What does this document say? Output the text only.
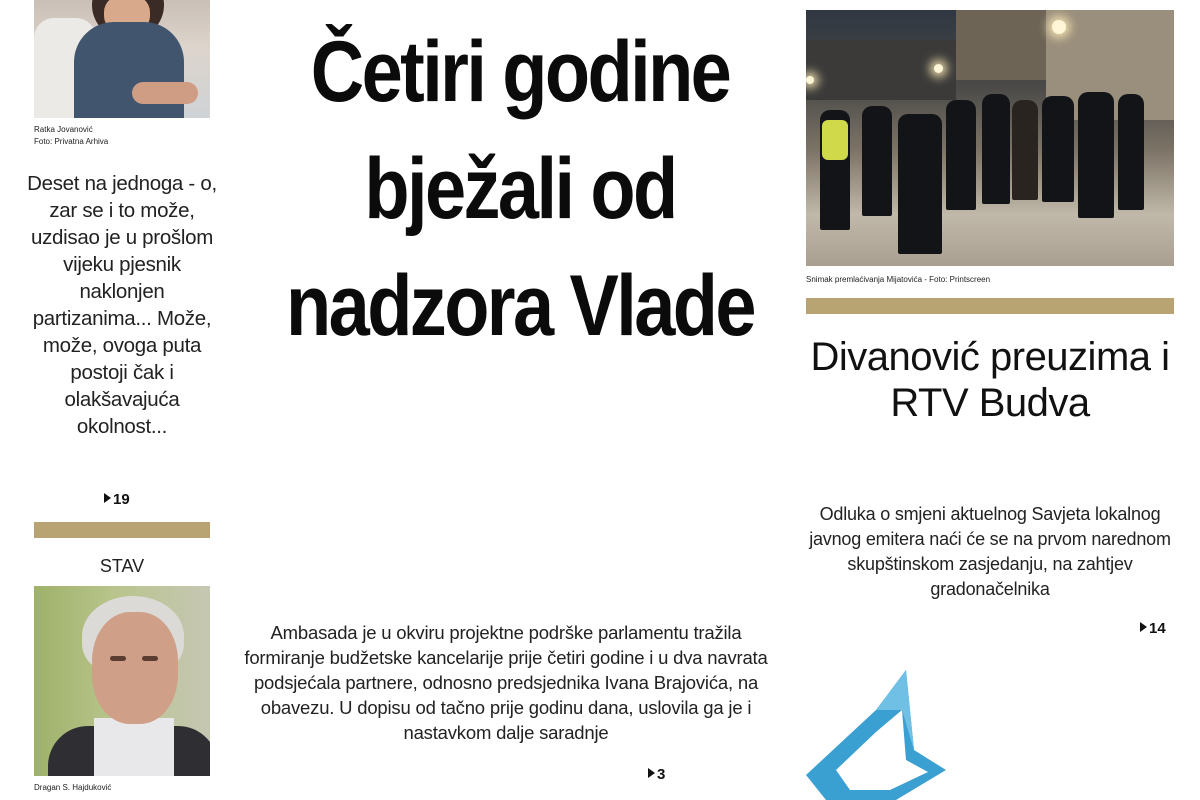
Ratka Jovanović
Foto: Privatna Arhiva
Deset na jednoga - o, zar se i to može, uzdisao je u prošlom vijeku pjesnik naklonjen partizanima... Može, može, ovoga puta postoji čak i olakšavajuća okolnost...
19
STAV
Dragan S. Hajduković
Četiri godine bježali od nadzora Vlade
Ambasada je u okviru projektne podrške parlamentu tražila formiranje budžetske kancelarije prije četiri godine i u dva navrata podsjećala partnere, odnosno predsjednika Ivana Brajovića, na obavezu. U dopisu od tačno prije godinu dana, uslovila ga je i nastavkom dalje saradnje
3
Snimak premlaćivanja Mijatovića - Foto: Printscreen
Divanović preuzima i RTV Budva
Odluka o smjeni aktuelnog Savjeta lokalnog javnog emitera naći će se na prvom narednom skupštinskom zasjedanju, na zahtjev gradonačelnika
14
